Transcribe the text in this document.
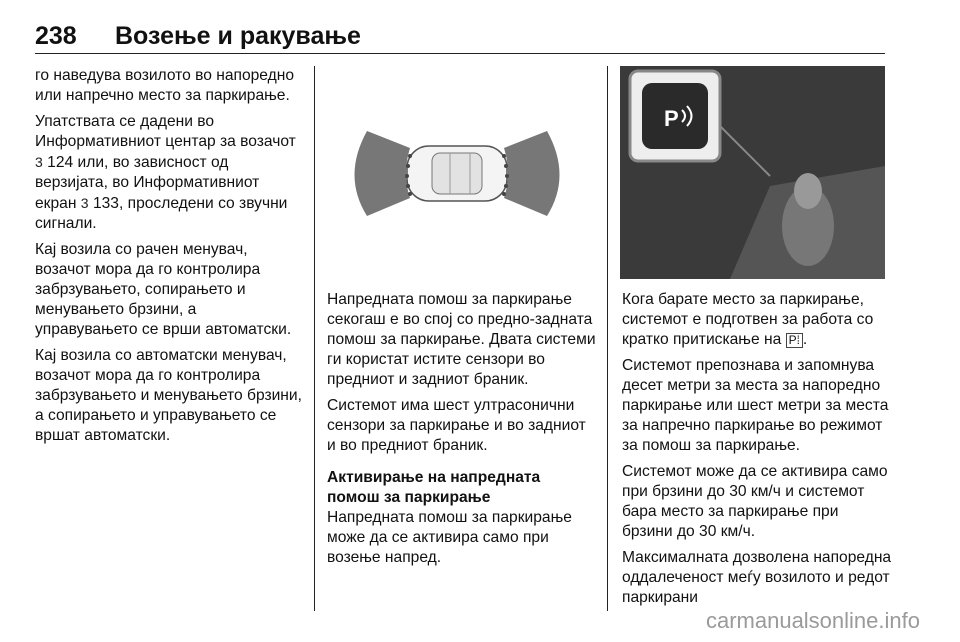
238 Возење и ракување

го наведува возилото во напоредно или напречно место за паркирање.

Упатствата се дадени во Информативниот центар за возачот 3 124 или, во зависност од верзијата, во Информативниот екран 3 133, проследени со звучни сигнали.

Кај возила со рачен менувач, возачот мора да го контролира забрзувањето, сопирањето и менувањето брзини, а управувањето се врши автоматски.

Кај возила со автоматски менувач, возачот мора да го контролира забрзувањето и менувањето брзини, а сопирањето и управувањето се вршат автоматски.

P

Напредната помош за паркирање секогаш е во спој со предно-задната помош за паркирање. Двата системи ги користат истите сензори во предниот и задниот браник.

Системот има шест ултрасонични сензори за паркирање и во задниот и во предниот браник.

Активирање на напредната помош за паркирање

Напредната помош за паркирање може да се активира само при возење напред.

Кога барате место за паркирање, системот е подготвен за работа со кратко притискање на P⁞ .

Системот препознава и запомнува десет метри за места за напоредно паркирање или шест метри за места за напречно паркирање во режимот за помош за паркирање.

Системот може да се активира само при брзини до 30 км/ч и системот бара место за паркирање при брзини до 30 км/ч.

Максималната дозволена напоредна оддалеченост меѓу возилото и редот паркирани

carmanualsonline.info
